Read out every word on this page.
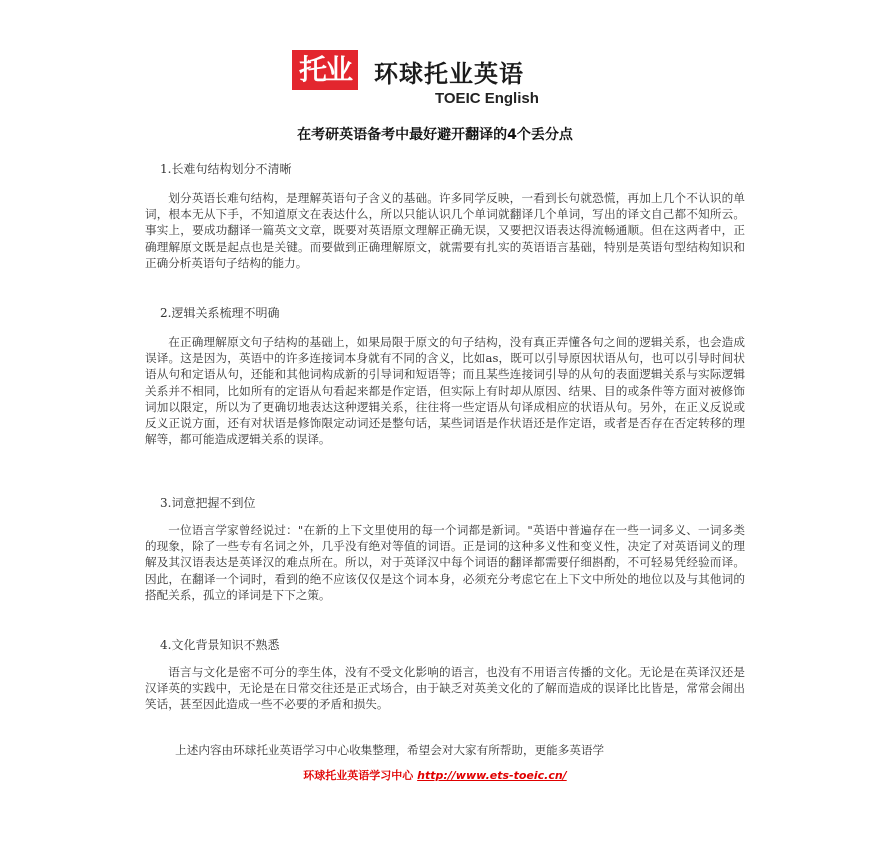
托业 环球托业英语
TOEIC English
在考研英语备考中最好避开翻译的4个丢分点
1.长难句结构划分不清晰
划分英语长难句结构，是理解英语句子含义的基础。许多同学反映，一看到长句就恐慌，再加上几个不认识的单词，根本无从下手，不知道原文在表达什么，所以只能认识几个单词就翻译几个单词，写出的译文自己都不知所云。事实上，要成功翻译一篇英文文章，既要对英语原文理解正确无误，又要把汉语表达得流畅通顺。但在这两者中，正确理解原文既是起点也是关键。而要做到正确理解原文，就需要有扎实的英语语言基础，特别是英语句型结构知识和正确分析英语句子结构的能力。
2.逻辑关系梳理不明确
在正确理解原文句子结构的基础上，如果局限于原文的句子结构，没有真正弄懂各句之间的逻辑关系，也会造成误译。这是因为，英语中的许多连接词本身就有不同的含义，比如as，既可以引导原因状语从句，也可以引导时间状语从句和定语从句，还能和其他词构成新的引导词和短语等；而且某些连接词引导的从句的表面逻辑关系与实际逻辑关系并不相同，比如所有的定语从句看起来都是作定语，但实际上有时却从原因、结果、目的或条件等方面对被修饰词加以限定，所以为了更确切地表达这种逻辑关系，往往将一些定语从句译成相应的状语从句。另外，在正义反说或反义正说方面，还有对状语是修饰限定动词还是整句话，某些词语是作状语还是作定语，或者是否存在否定转移的理解等，都可能造成逻辑关系的误译。
3.词意把握不到位
一位语言学家曾经说过："在新的上下文里使用的每一个词都是新词。"英语中普遍存在一些一词多义、一词多类的现象，除了一些专有名词之外，几乎没有绝对等值的词语。正是词的这种多义性和变义性，决定了对英语词义的理解及其汉语表达是英译汉的难点所在。所以，对于英译汉中每个词语的翻译都需要仔细斟酌，不可轻易凭经验而译。因此，在翻译一个词时，看到的绝不应该仅仅是这个词本身，必须充分考虑它在上下文中所处的地位以及与其他词的搭配关系，孤立的译词是下下之策。
4.文化背景知识不熟悉
语言与文化是密不可分的孪生体，没有不受文化影响的语言，也没有不用语言传播的文化。无论是在英译汉还是汉译英的实践中，无论是在日常交往还是正式场合，由于缺乏对英美文化的了解而造成的误译比比皆是，常常会闹出笑话，甚至因此造成一些不必要的矛盾和损失。
上述内容由环球托业英语学习中心收集整理，希望会对大家有所帮助，更能多英语学
环球托业英语学习中心 http://www.ets-toeic.cn/
